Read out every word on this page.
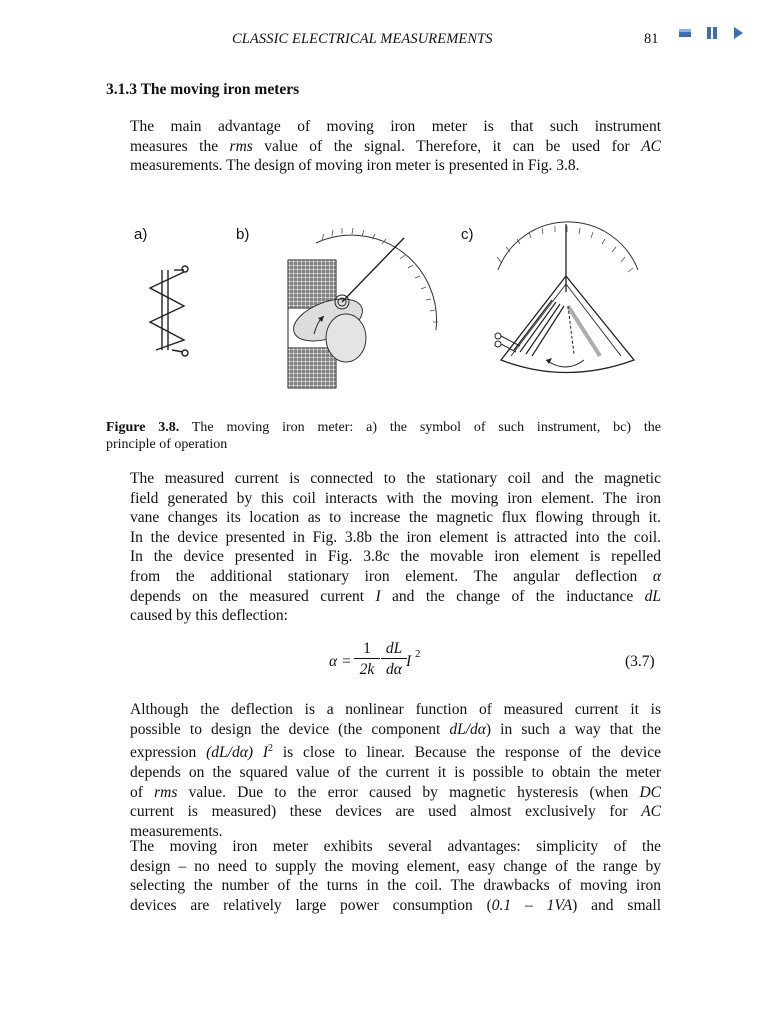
CLASSIC ELECTRICAL MEASUREMENTS	81
3.1.3 The moving iron meters
The main advantage of moving iron meter is that such instrument
measures the rms value of the signal. Therefore, it can be used for AC
measurements. The design of moving iron meter is presented in Fig. 3.8.
a)	b)	c)

Figure 3.8. The moving iron meter: a) the symbol of such instrument, bc) the
principle of operation

The measured current is connected to the stationary coil and the magnetic
field generated by this coil interacts with the moving iron element. The iron
vane changes its location as to increase the magnetic flux flowing through it.
In the device presented in Fig. 3.8b the iron element is attracted into the coil.
In the device presented in Fig. 3.8c the movable iron element is repelled
from the additional stationary iron element. The angular deflection α
depends on the measured current I and the change of the inductance dL
caused by this deflection:
α =
1
2k
dL
dα I 2	(3.7)
Although the deflection is a nonlinear function of measured current it is
possible to design the device (the component dL/dα) in such a way that the
expression (dL/dα) $I^2$ is close to linear. Because the response of the device
depends on the squared value of the current it is possible to obtain the meter
of rms value. Due to the error caused by magnetic hysteresis (when DC
current is measured) these devices are used almost exclusively for AC
measurements.
The moving iron meter exhibits several advantages: simplicity of the
design – no need to supply the moving element, easy change of the range by
selecting the number of the turns in the coil. The drawbacks of moving iron
devices are relatively large power consumption (0.1 – 1VA) and small
